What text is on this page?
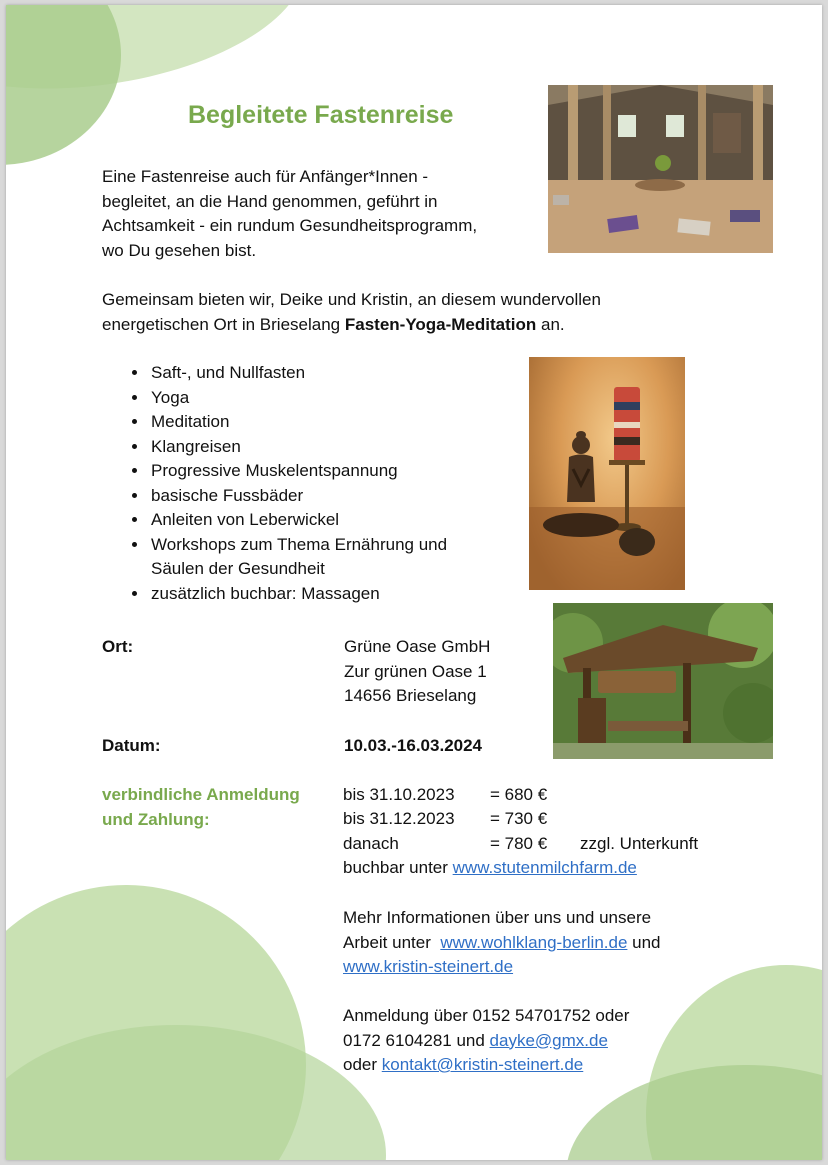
Begleitete Fastenreise
Eine Fastenreise auch für Anfänger*Innen -
begleitet, an die Hand genommen, geführt in
Achtsamkeit - ein rundum Gesundheitsprogramm,
wo Du gesehen bist.
Gemeinsam bieten wir, Deike und Kristin, an diesem wundervollen
energetischen Ort in Brieselang Fasten-Yoga-Meditation an.
• Saft-, und Nullfasten
• Yoga
• Meditation
• Klangreisen
• Progressive Muskelentspannung
• basische Fussbäder
• Anleiten von Leberwickel
• Workshops zum Thema Ernährung und Säulen der Gesundheit
• zusätzlich buchbar: Massagen
Ort:	Grüne Oase GmbH
Zur grünen Oase 1
14656 Brieselang
Datum:	10.03.-16.03.2024
verbindliche Anmeldung
und Zahlung:
bis 31.10.2023 = 680 €
bis 31.12.2023 = 730 €
danach	= 780 € zzgl. Unterkunft
buchbar unter www.stutenmilchfarm.de
Mehr Informationen über uns und unsere
Arbeit unter  www.wohlklang-berlin.de und
www.kristin-steinert.de
Anmeldung über 0152 54701752 oder
0172 6104281 und dayke@gmx.de
oder kontakt@kristin-steinert.de
